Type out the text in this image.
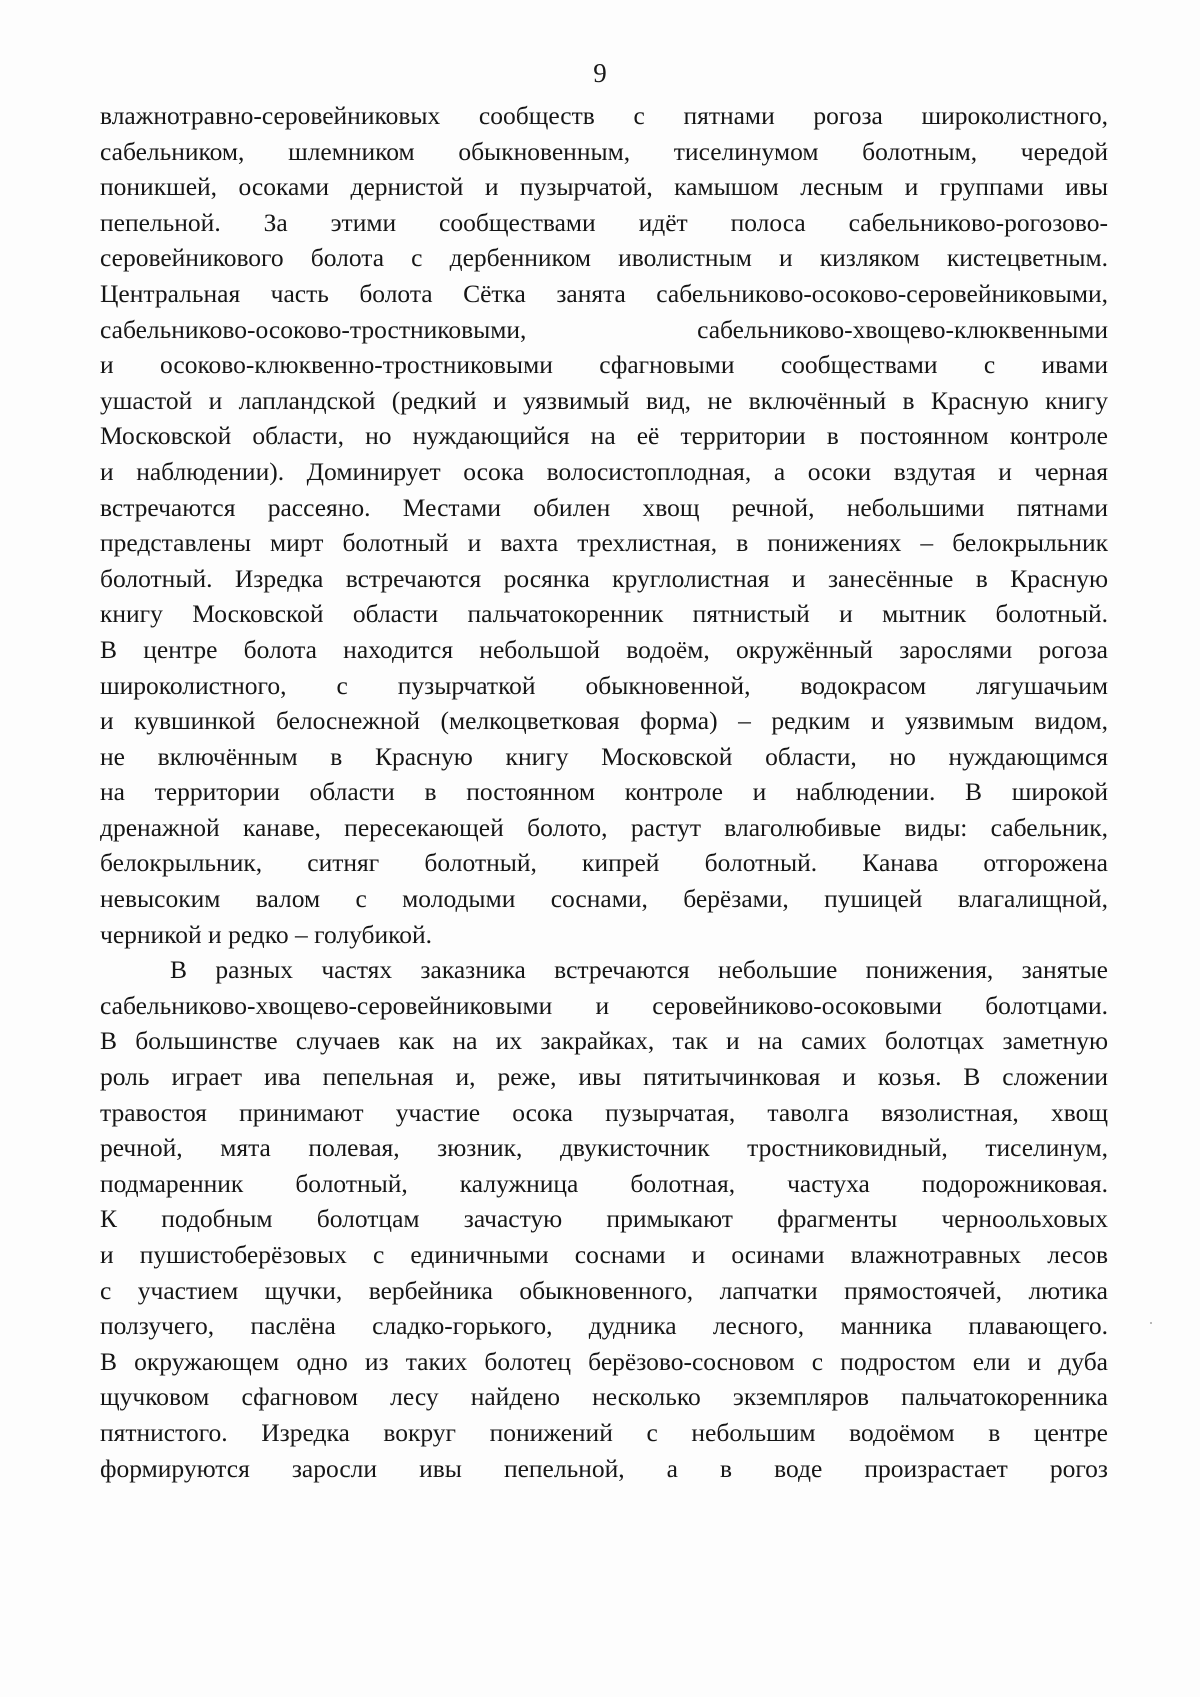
9
влажнотравно-серовейниковых сообществ с пятнами рогоза широколистного,
сабельником, шлемником обыкновенным, тиселинумом болотным, чередой
поникшей, осоками дернистой и пузырчатой, камышом лесным и группами ивы
пепельной. За этими сообществами идёт полоса сабельниково-рогозово-
серовейникового болота с дербенником иволистным и кизляком кистецветным.
Центральная часть болота Сётка занята сабельниково-осоково-серовейниковыми,
сабельниково-осоково-тростниковыми, сабельниково-хвощево-клюквенными
и осоково-клюквенно-тростниковыми сфагновыми сообществами с ивами
ушастой и лапландской (редкий и уязвимый вид, не включённый в Красную книгу
Московской области, но нуждающийся на её территории в постоянном контроле
и наблюдении). Доминирует осока волосистоплодная, а осоки вздутая и черная
встречаются рассеяно. Местами обилен хвощ речной, небольшими пятнами
представлены мирт болотный и вахта трехлистная, в понижениях – белокрыльник
болотный. Изредка встречаются росянка круглолистная и занесённые в Красную
книгу Московской области пальчатокоренник пятнистый и мытник болотный.
В центре болота находится небольшой водоём, окружённый зарослями рогоза
широколистного, с пузырчаткой обыкновенной, водокрасом лягушачьим
и кувшинкой белоснежной (мелкоцветковая форма) – редким и уязвимым видом,
не включённым в Красную книгу Московской области, но нуждающимся
на территории области в постоянном контроле и наблюдении. В широкой
дренажной канаве, пересекающей болото, растут влаголюбивые виды: сабельник,
белокрыльник, ситняг болотный, кипрей болотный. Канава отгорожена
невысоким валом с молодыми соснами, берёзами, пушицей влагалищной,
черникой и редко – голубикой.
В разных частях заказника встречаются небольшие понижения, занятые
сабельниково-хвощево-серовейниковыми и серовейниково-осоковыми болотцами.
В большинстве случаев как на их закрайках, так и на самих болотцах заметную
роль играет ива пепельная и, реже, ивы пятитычинковая и козья. В сложении
травостоя принимают участие осока пузырчатая, таволга вязолистная, хвощ
речной, мята полевая, зюзник, двукисточник тростниковидный, тиселинум,
подмаренник болотный, калужница болотная, частуха подорожниковая.
К подобным болотцам зачастую примыкают фрагменты черноольховых
и пушистоберёзовых с единичными соснами и осинами влажнотравных лесов
с участием щучки, вербейника обыкновенного, лапчатки прямостоячей, лютика
ползучего, паслёна сладко-горького, дудника лесного, манника плавающего.
В окружающем одно из таких болотец берёзово-сосновом с подростом ели и дуба
щучковом сфагновом лесу найдено несколько экземпляров пальчатокоренника
пятнистого. Изредка вокруг понижений с небольшим водоёмом в центре
формируются заросли ивы пепельной, а в воде произрастает рогоз
